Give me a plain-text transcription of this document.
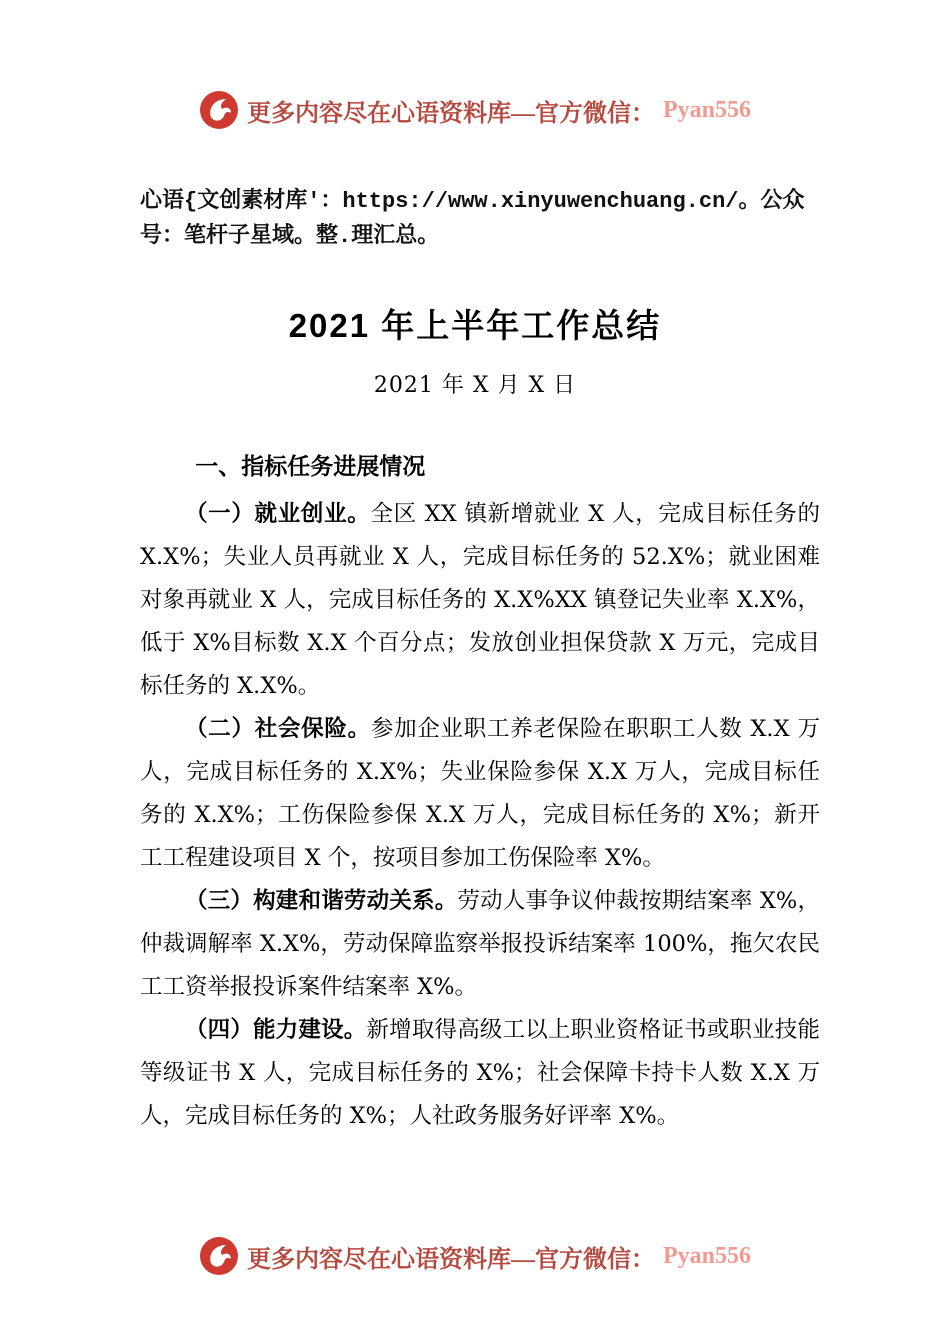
更多内容尽在心语资料库—官方微信： Pyan556
心语{文创素材库'：https://www.xinyuwenchuang.cn/。公众号：笔杆子星域。整.理汇总。
2021 年上半年工作总结
2021 年 X 月 X 日
一、指标任务进展情况

（一）就业创业。全区 XX 镇新增就业 X 人，完成目标任务的 X.X%；失业人员再就业 X 人，完成目标任务的 52.X%；就业困难对象再就业 X 人，完成目标任务的 X.X%XX 镇登记失业率 X.X%，低于 X%目标数 X.X 个百分点；发放创业担保贷款 X 万元，完成目标任务的 X.X%。

（二）社会保险。参加企业职工养老保险在职职工人数 X.X 万人，完成目标任务的 X.X%；失业保险参保 X.X 万人，完成目标任务的 X.X%；工伤保险参保 X.X 万人，完成目标任务的 X%；新开工工程建设项目 X 个，按项目参加工伤保险率 X%。

（三）构建和谐劳动关系。劳动人事争议仲裁按期结案率 X%，仲裁调解率 X.X%，劳动保障监察举报投诉结案率 100%，拖欠农民工工资举报投诉案件结案率 X%。

（四）能力建设。新增取得高级工以上职业资格证书或职业技能等级证书 X 人，完成目标任务的 X%；社会保障卡持卡人数 X.X 万人，完成目标任务的 X%；人社政务服务好评率 X%。

更多内容尽在心语资料库—官方微信： Pyan556
